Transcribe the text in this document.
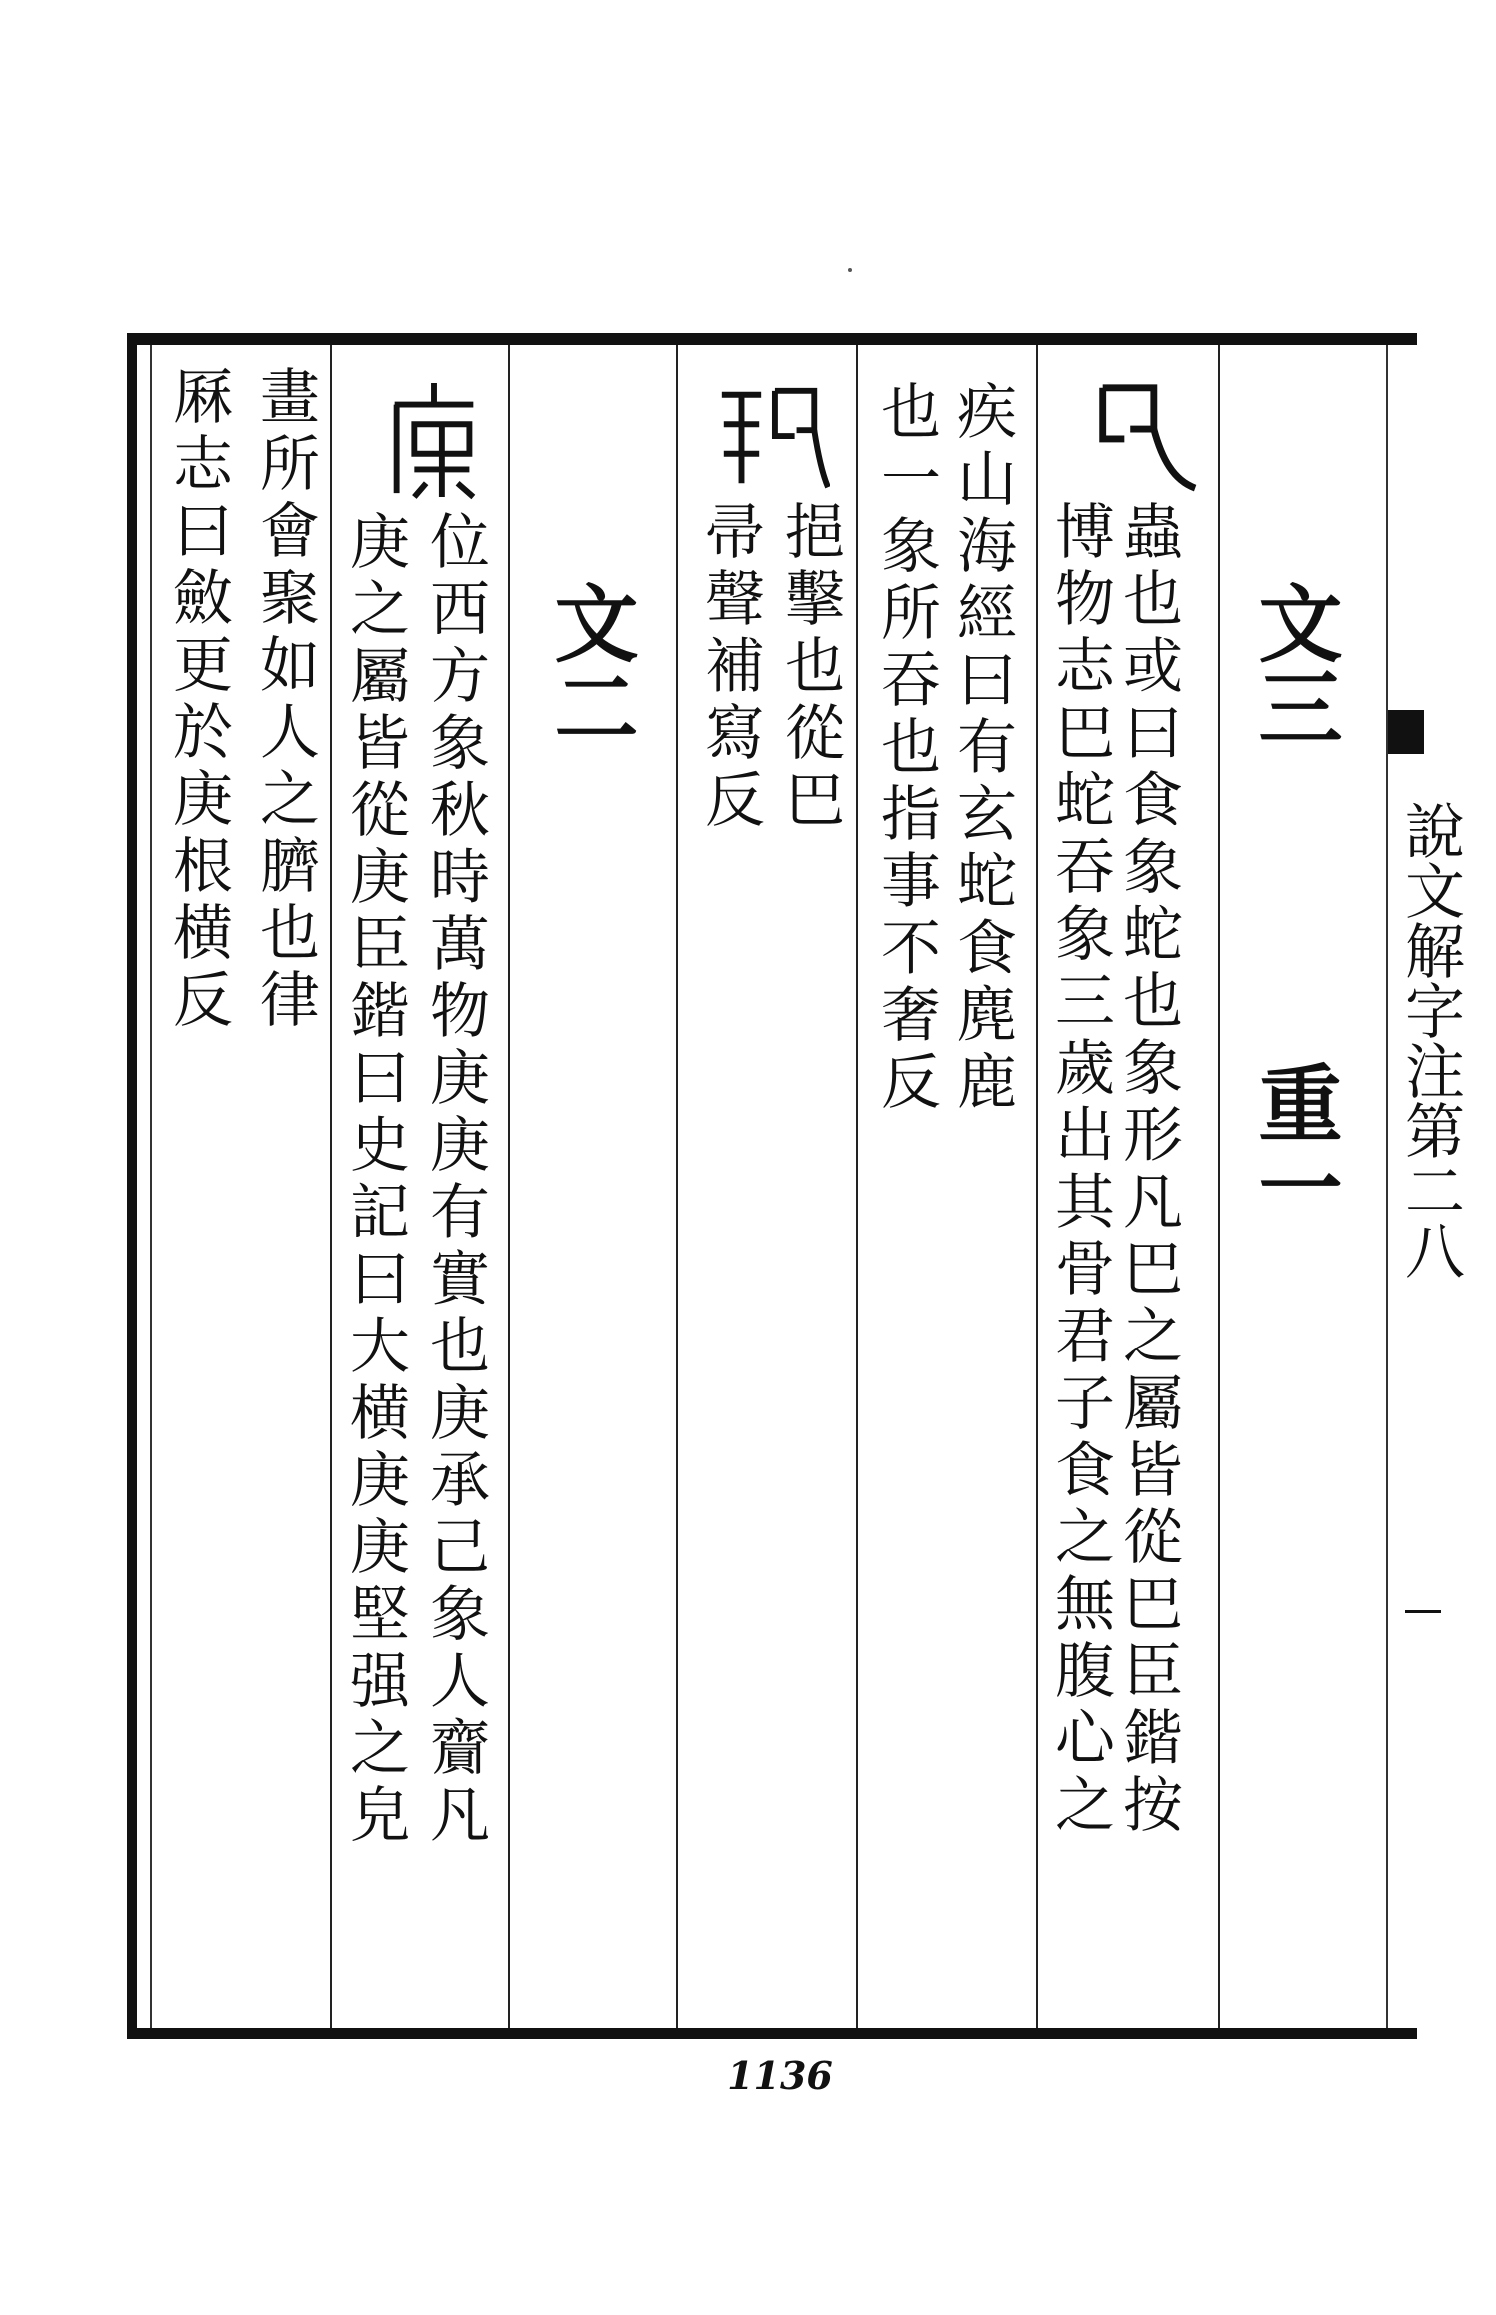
說文解字注第二八
文三
重一
蟲也或曰食象蛇也象形凡巴之屬皆從巴臣鍇按
博物志巴蛇吞象三歲出其骨君子食之無腹心之
疾山海經曰有玄蛇食麂鹿
也一象所吞也指事不奢反
挹擊也從巴
帚聲補寫反
文二
位西方象秋時萬物庚庚有實也庚承己象人齎凡
庚之屬皆從庚臣鍇曰史記曰大横庚庚堅强之皃
畫所會聚如人之臍也律
厤志曰斂更於庚根横反
1136
